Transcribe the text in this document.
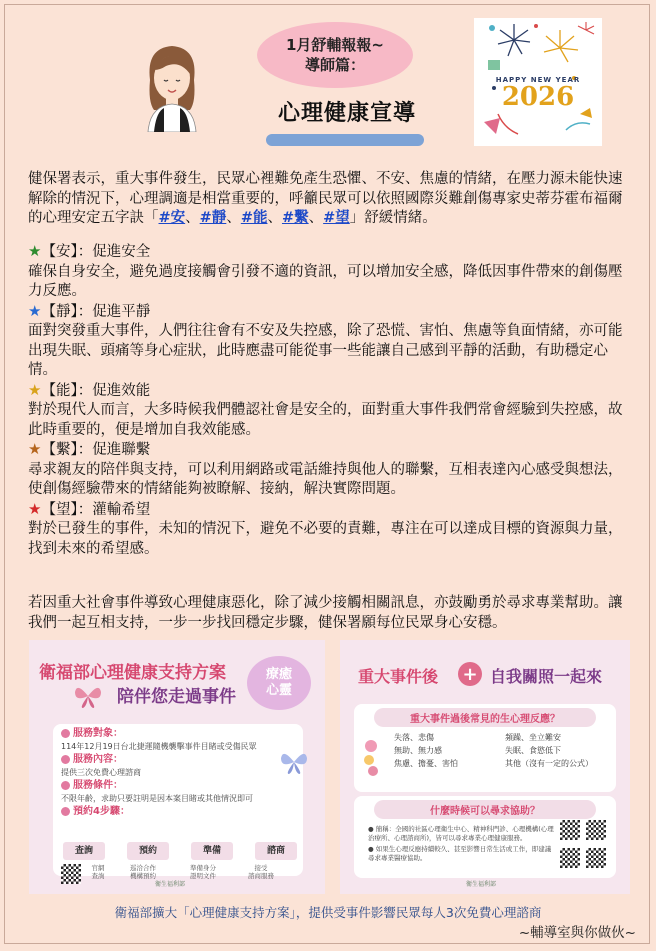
1月舒輔報報~
導師篇：
心理健康宣導
HAPPY NEW YEAR
2026
健保署表示，重大事件發生，民眾心裡難免產生恐懼、不安、焦慮的情緒，在壓力源未能快速解除的情況下，心理調適是相當重要的，呼籲民眾可以依照國際災難創傷專家史蒂芬霍布福爾的心理安定五字訣「#安、#靜、#能、#繫、#望」舒緩情緒。
★【安】：促進安全
確保自身安全，避免過度接觸會引發不適的資訊，可以增加安全感，降低因事件帶來的創傷壓力反應。
★【靜】：促進平靜
面對突發重大事件，人們往往會有不安及失控感，除了恐慌、害怕、焦慮等負面情緒，亦可能出現失眠、頭痛等身心症狀，此時應盡可能從事一些能讓自己感到平靜的活動，有助穩定心情。
★【能】：促進效能
對於現代人而言，大多時候我們體認社會是安全的，面對重大事件我們常會經驗到失控感，故此時重要的，便是增加自我效能感。
★【繫】：促進聯繫
尋求親友的陪伴與支持，可以利用網路或電話維持與他人的聯繫，互相表達內心感受與想法，使創傷經驗帶來的情緒能夠被瞭解、接納，解決實際問題。
★【望】：灌輸希望
對於已發生的事件，未知的情況下，避免不必要的責難，專注在可以達成目標的資源與力量，找到未來的希望感。
若因重大社會事件導致心理健康惡化，除了減少接觸相關訊息，亦鼓勵勇於尋求專業幫助。讓我們一起互相支持，一步一步找回穩定步驟，健保署願每位民眾身心安穩。
衛福部心理健康支持方案
陪伴您走過事件
療癒
心靈
服務對象：
114年12月19日台北捷運隨機襲擊事件目睹或受傷民眾
服務內容：
提供三次免費心理諮商
服務條件：
不限年齡，求助只要註明是因本案目睹或其他情況即可
預約4步驟：
查詢	預約	準備	諮商
官網
查詢
巡洽合作
機構預約
準備身分
證明文件
接受
諮商服務
衛生福利部
重大事件後 + 自我關照一起來
重大事件過後常見的生心理反應？
失落、悲傷	頻躁、坐立難安
無助、無力感	失眠、食慾低下
焦慮、擔憂、害怕	其他（沒有一定的公式）
什麼時候可以尋求協助？
● 簡稱：全國的社區心理衛生中心、精神科門診、心理機構(心理治療所、心理諮商所)，皆可以尋求專業心理健康服務。
● 如果生心理反應持續較久、甚至影響日常生活或工作，即建議尋求專業醫療協助。
衛生福利部
衛福部擴大「心理健康支持方案」，提供受事件影響民眾每人3次免費心理諮商
~輔導室與你做伙~
